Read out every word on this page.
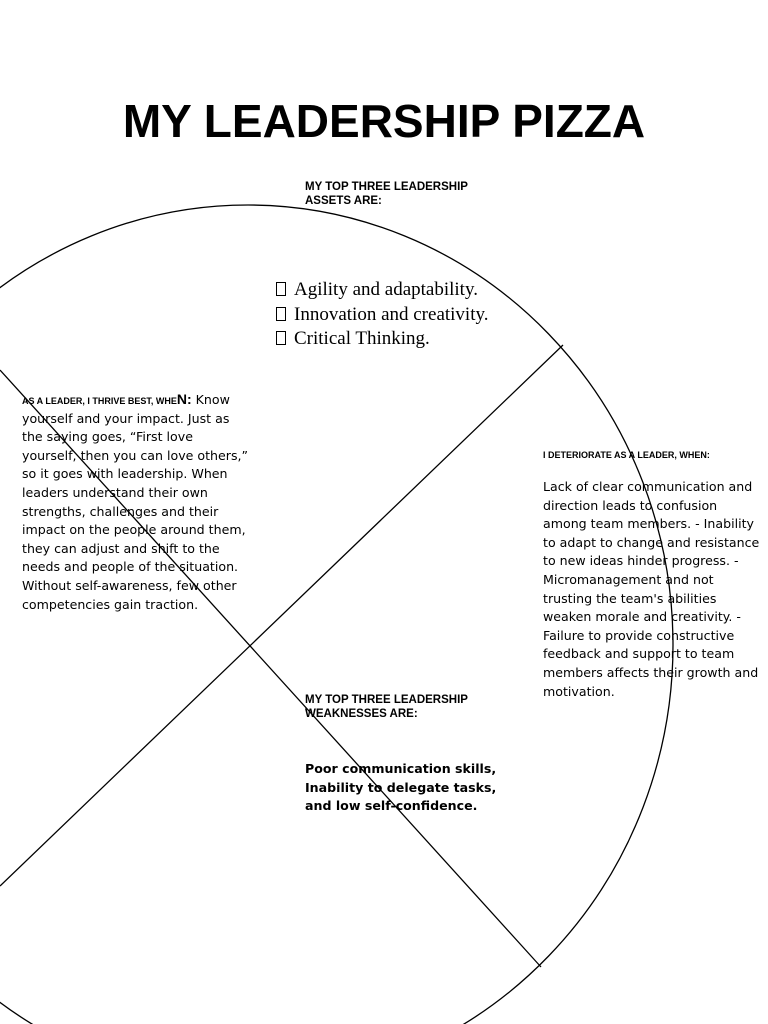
MY LEADERSHIP PIZZA
MY TOP THREE LEADERSHIP ASSETS ARE:
Agility and adaptability.
Innovation and creativity.
Critical Thinking.
AS A LEADER, I THRIVE BEST, WHEN: Know yourself and your impact. Just as the saying goes, “First love yourself, then you can love others,” so it goes with leadership. When leaders understand their own strengths, challenges and their impact on the people around them, they can adjust and shift to the needs and people of the situation. Without self-awareness, few other competencies gain traction.
I DETERIORATE AS A LEADER, WHEN:
Lack of clear communication and direction leads to confusion among team members. - Inability to adapt to change and resistance to new ideas hinder progress. - Micromanagement and not trusting the team's abilities weaken morale and creativity. - Failure to provide constructive feedback and support to team members affects their growth and motivation.
MY TOP THREE LEADERSHIP WEAKNESSES ARE:
Poor communication skills,
Inability to delegate tasks,
and low self-confidence.
